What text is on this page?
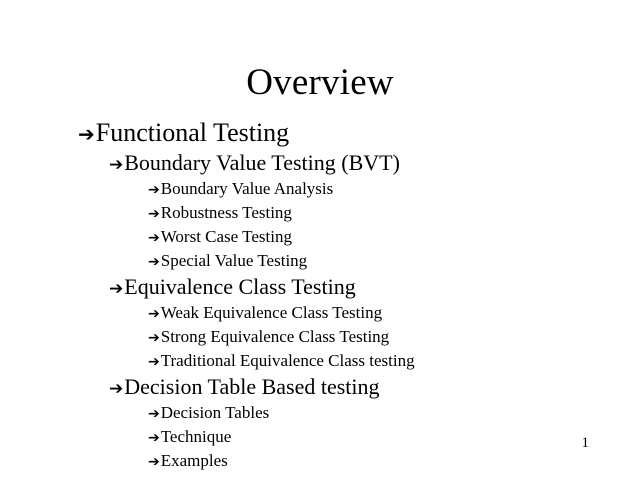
Overview
➔ Functional Testing
➔ Boundary Value Testing (BVT)
➔ Boundary Value Analysis
➔ Robustness Testing
➔ Worst Case Testing
➔ Special Value Testing
➔ Equivalence Class Testing
➔ Weak Equivalence Class Testing
➔ Strong Equivalence Class Testing
➔ Traditional Equivalence Class testing
➔ Decision Table Based testing
➔ Decision Tables
➔ Technique
➔ Examples
1
